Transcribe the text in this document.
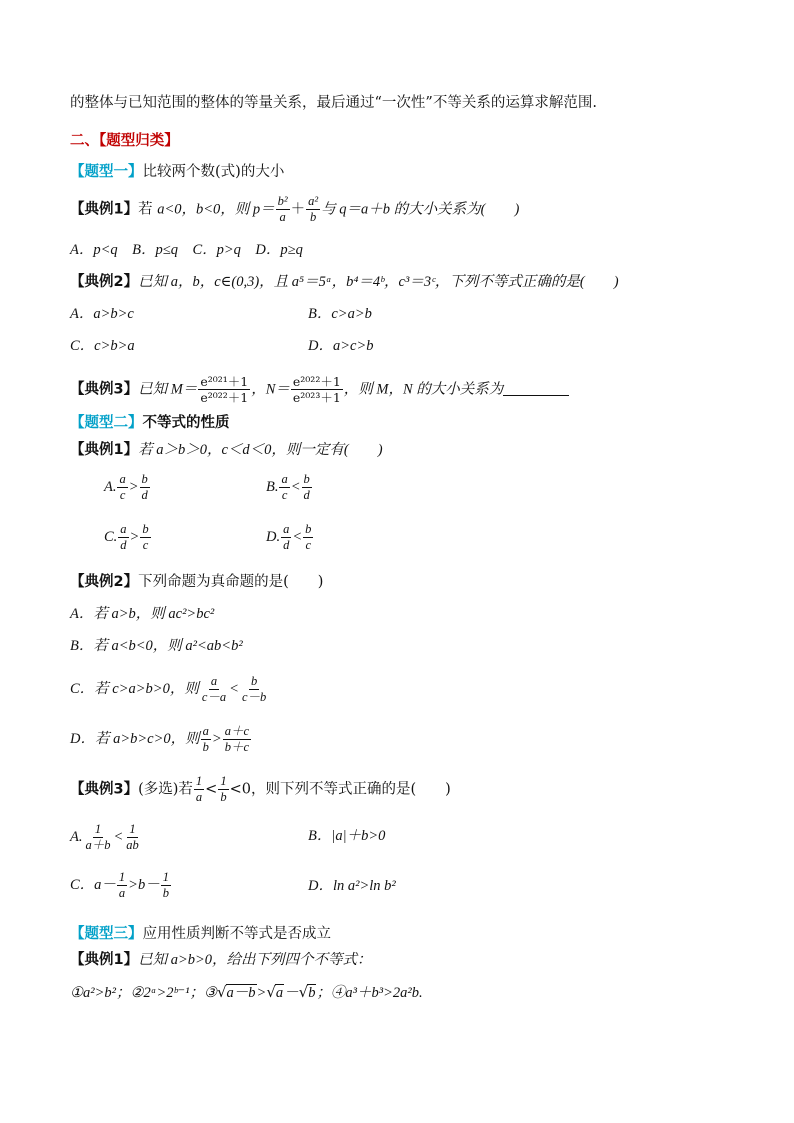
的整体与已知范围的整体的等量关系，最后通过“一次性”不等关系的运算求解范围.
二、【题型归类】
【题型一】比较两个数(式)的大小
【典例1】若 a<0，b<0，则 $p= \frac{\text{b²}}{a} + \frac{\text{a²}}{b}$ 与 q＝a＋b 的大小关系为(　　)
A．p<q　B．p≤q　C．p>q　D．p≥q
【典例2】已知 a，b，c∈(0,3)，且 a⁵＝5ᵃ，b⁴＝4ᵇ，c³＝3ᶜ，下列不等式正确的是(　　)
A．a>b>c	B．c>a>b
C．c>b>a	D．a>c>b
【典例3】已知 $M= \frac{\text{e²⁰²¹＋1}}{\text{e²⁰²²＋1}}$ ，$N= \frac{\text{e²⁰²²＋1}}{\text{e²⁰²³＋1}}$ ，则 M，N 的大小关系为
【题型二】不等式的性质
【典例1】若 a＞b＞0，c＜d＜0，则一定有(　　)
A. $\frac{a}{c} > \frac{b}{d}$	B. $\frac{a}{c} < \frac{b}{d}$
C. $\frac{a}{d} > \frac{b}{c}$	D. $\frac{a}{d} < \frac{b}{c}$
【典例2】下列命题为真命题的是(　　)
A．若 a>b，则 ac²>bc²
B．若 a<b<0，则 a²<ab<b²
C．若 c>a>b>0，则 $\frac{a}{c-a} < \frac{b}{c-b}$
D．若 a>b>c>0，则 $\frac{a}{b} > \frac{a+c}{b+c}$
【典例3】(多选)若 $\frac{1}{a} < \frac{1}{b} <0$，则下列不等式正确的是(　　)
A. $\frac{1}{a+b} < \frac{1}{ab}$	B．|a|＋b>0
C．$a- \frac{1}{a} >b- \frac{1}{b}$	D．ln a²>ln b²
【题型三】应用性质判断不等式是否成立
【典例1】已知 a>b>0，给出下列四个不等式：
①a²>b²；②2ᵃ>2ᵇ⁻¹；③√a－b>√a－√b；④a³＋b³>2a²b.
